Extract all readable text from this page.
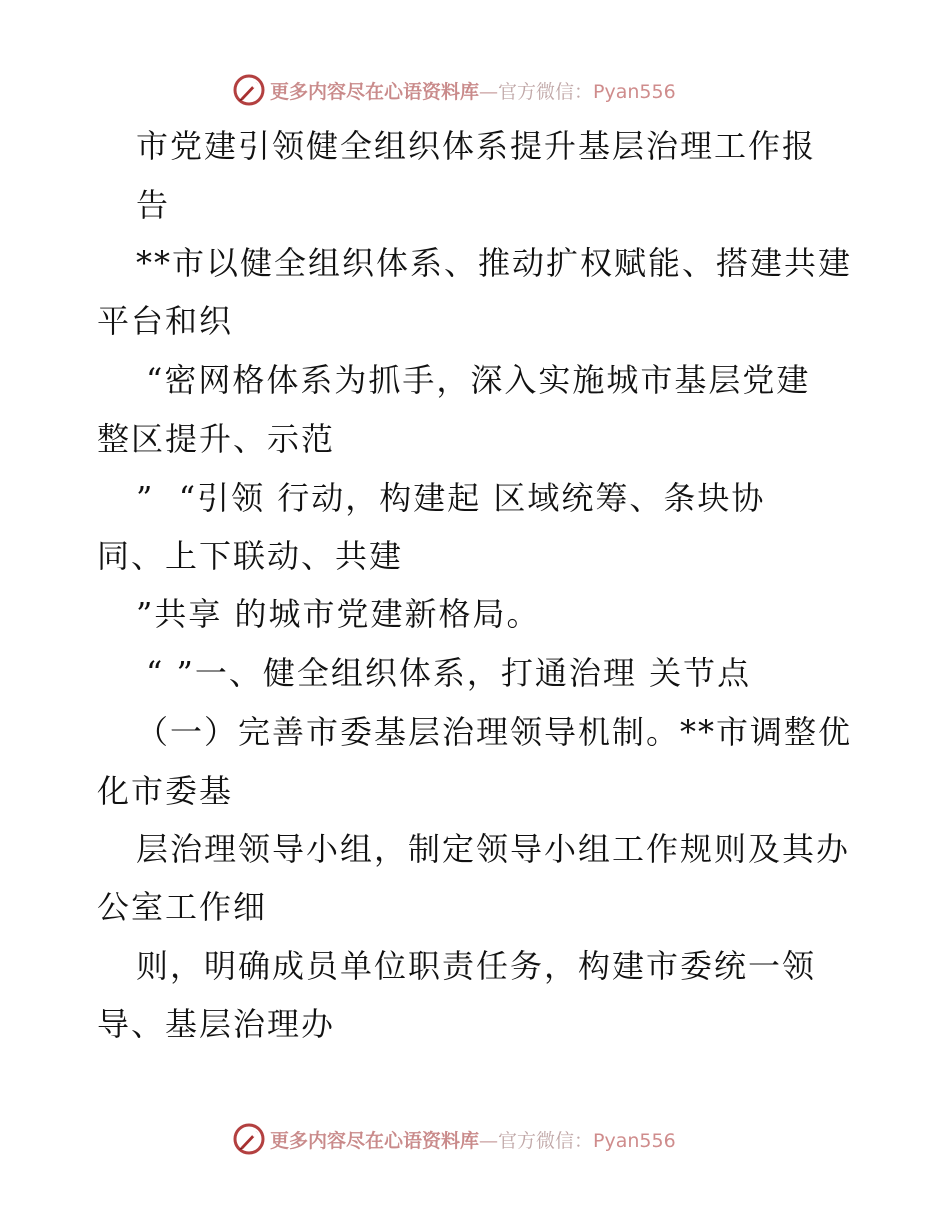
更多内容尽在心语资料库—官方微信：Pyan556
市党建引领健全组织体系提升基层治理工作报
告
**市以健全组织体系、推动扩权赋能、搭建共建
平台和织
“密网格体系为抓手，深入实施城市基层党建
整区提升、示范
”  “引领 行动，构建起 区域统筹、条块协
同、上下联动、共建
”共享 的城市党建新格局。
“ ”一、健全组织体系，打通治理 关节点
（一）完善市委基层治理领导机制。**市调整优
化市委基
层治理领导小组，制定领导小组工作规则及其办
公室工作细
则，明确成员单位职责任务，构建市委统一领
导、基层治理办
更多内容尽在心语资料库—官方微信：Pyan556
